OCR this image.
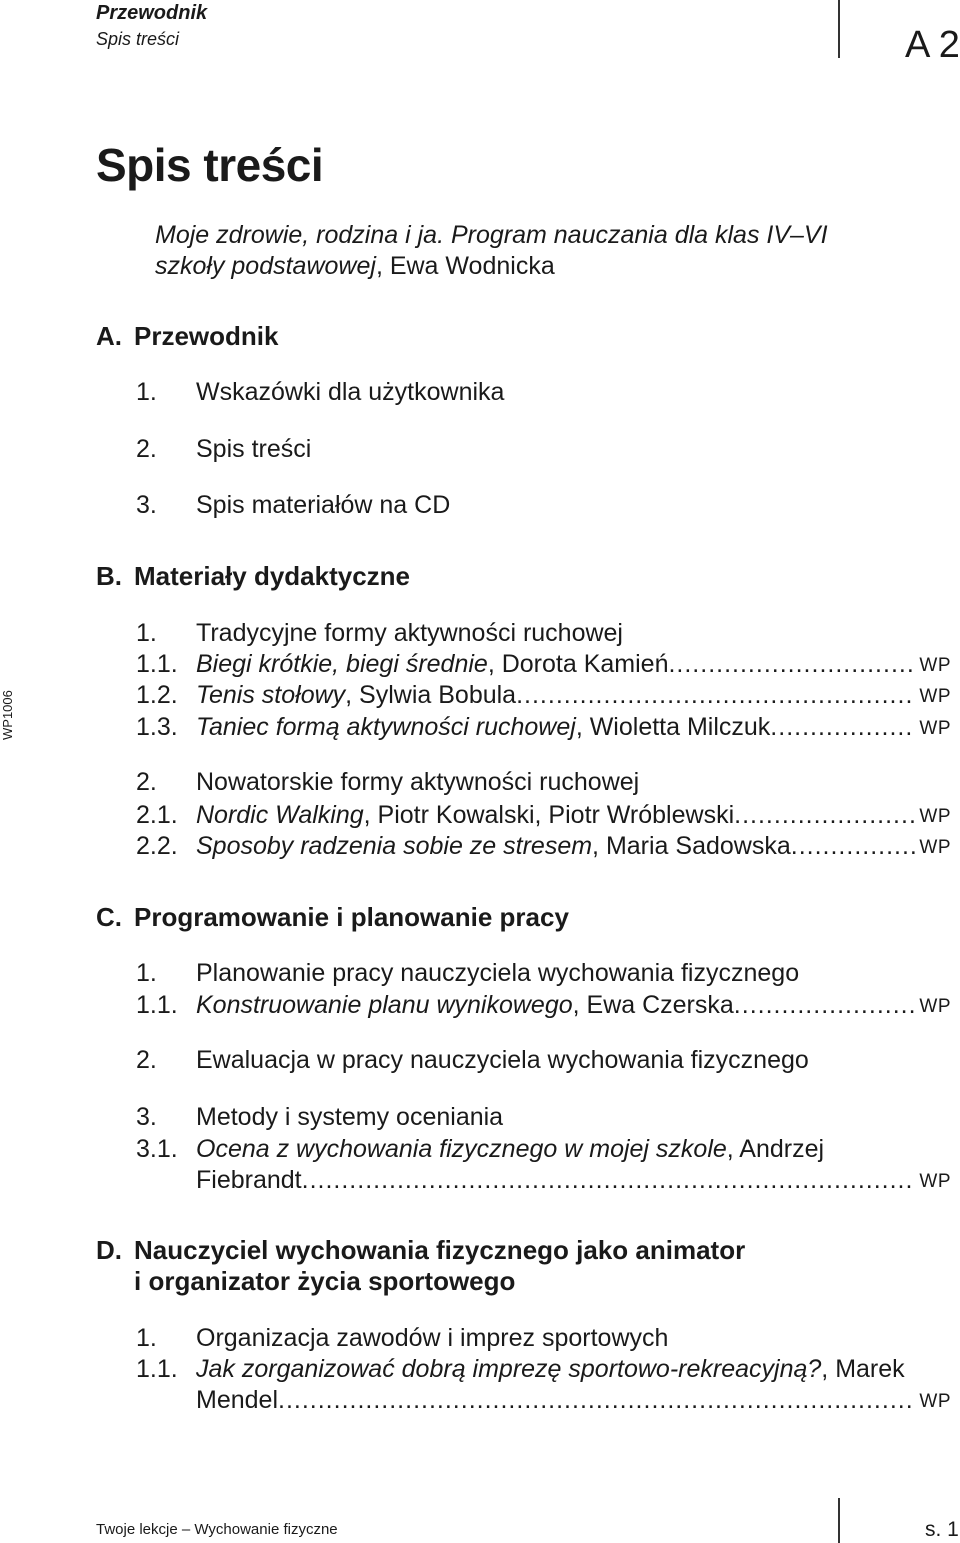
Przewodnik
Spis treści	A 2
WP1006
Spis treści
Moje zdrowie, rodzina i ja. Program nauczania dla klas IV–VI szkoły podstawowej, Ewa Wodnicka
A. Przewodnik
1. Wskazówki dla użytkownika
2. Spis treści
3. Spis materiałów na CD
B. Materiały dydaktyczne
1. Tradycyjne formy aktywności ruchowej
1.1. Biegi krótkie, biegi średnie, Dorota Kamień .....	WP
1.2. Tenis stołowy, Sylwia Bobula .....	WP
1.3. Taniec formą aktywności ruchowej, Wioletta Milczuk .....	WP
2. Nowatorskie formy aktywności ruchowej
2.1. Nordic Walking, Piotr Kowalski, Piotr Wróblewski .....	WP
2.2. Sposoby radzenia sobie ze stresem, Maria Sadowska .....	WP
C. Programowanie i planowanie pracy
1. Planowanie pracy nauczyciela wychowania fizycznego
1.1. Konstruowanie planu wynikowego, Ewa Czerska .....	WP
2. Ewaluacja w pracy nauczyciela wychowania fizycznego
3. Metody i systemy oceniania
3.1. Ocena z wychowania fizycznego w mojej szkole, Andrzej
Fiebrandt .....	WP
D. Nauczyciel wychowania fizycznego jako animator
i organizator życia sportowego
1. Organizacja zawodów i imprez sportowych
1.1. Jak zorganizować dobrą imprezę sportowo-rekreacyjną?, Marek
Mendel .....	WP
Twoje lekcje – Wychowanie fizyczne	s. 1
